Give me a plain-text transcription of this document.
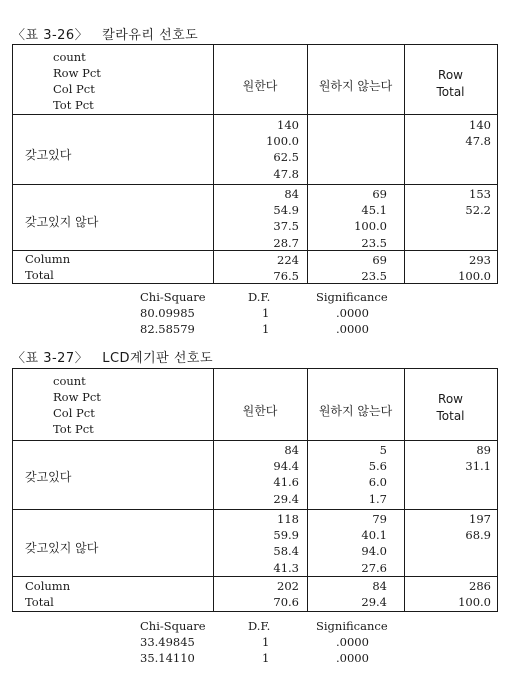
〈표 3-26〉 칼라유리 선호도
count
Row Pct
Col Pct
Tot Pct
원한다	원하지 않는다
Row
Total
갖고있다
140
100.0
62.5
47.8
140
47.8
갖고있지 않다
84
54.9
37.5
28.7
69
45.1
100.0
23.5
153
52.2
Column
Total
224
76.5
69
23.5
293
100.0
Chi-Square
80.09985
82.58579
D.F.
1
1
Significance
.0000
.0000
〈표 3-27〉 LCD계기판 선호도
count
Row Pct
Col Pct
Tot Pct
원한다	원하지 않는다
Row
Total
갖고있다
84
94.4
41.6
29.4
5
5.6
6.0
1.7
89
31.1
갖고있지 않다
118
59.9
58.4
41.3
79
40.1
94.0
27.6
197
68.9
Column
Total
202
70.6
84
29.4
286
100.0
Chi-Square
33.49845
35.14110
D.F.
1
1
Significance
.0000
.0000
